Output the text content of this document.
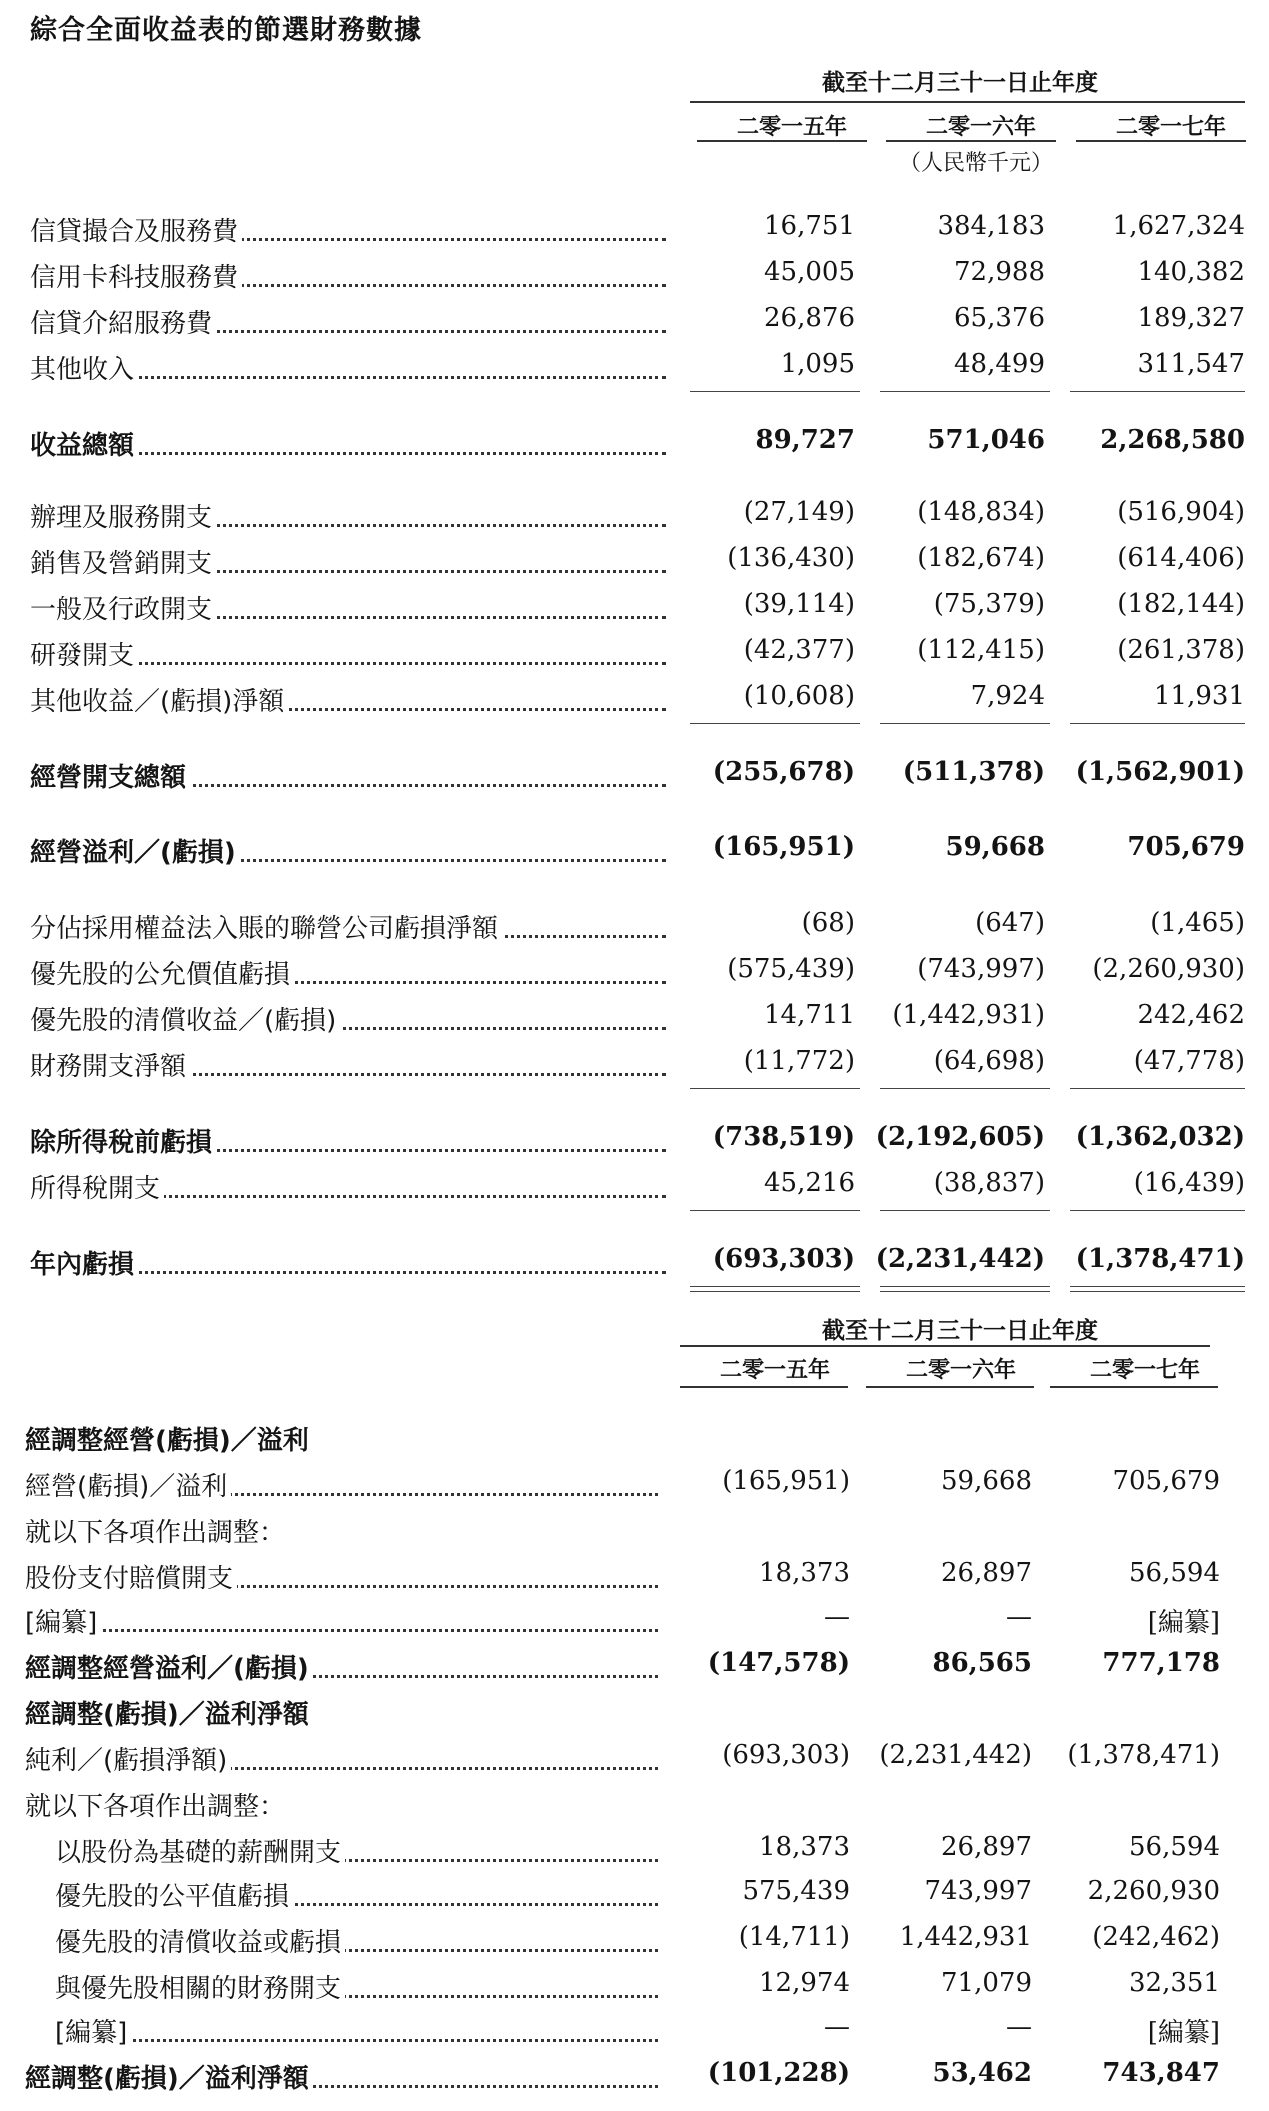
綜合全面收益表的節選財務數據
截至十二月三十一日止年度
二零一五年	二零一六年	二零一七年
（人民幣千元）
信貸撮合及服務費	16,751	384,183	1,627,324
信用卡科技服務費	45,005	72,988	140,382
信貸介紹服務費	26,876	65,376	189,327
其他收入	1,095	48,499	311,547
收益總額	89,727	571,046	2,268,580
辦理及服務開支	(27,149)	(148,834)	(516,904)
銷售及營銷開支	(136,430)	(182,674)	(614,406)
一般及行政開支	(39,114)	(75,379)	(182,144)
研發開支	(42,377)	(112,415)	(261,378)
其他收益／(虧損)淨額	(10,608)	7,924	11,931
經營開支總額	(255,678)	(511,378)	(1,562,901)
經營溢利／(虧損)	(165,951)	59,668	705,679
分佔採用權益法入賬的聯營公司虧損淨額	(68)	(647)	(1,465)
優先股的公允價值虧損	(575,439)	(743,997)	(2,260,930)
優先股的清償收益／(虧損)	14,711	(1,442,931)	242,462
財務開支淨額	(11,772)	(64,698)	(47,778)
除所得稅前虧損	(738,519) (2,192,605)	(1,362,032)
所得稅開支	45,216	(38,837)	(16,439)
年內虧損	(693,303) (2,231,442)	(1,378,471)
截至十二月三十一日止年度
二零一五年	二零一六年	二零一七年
經調整經營(虧損)／溢利
經營(虧損)／溢利	(165,951)	59,668	705,679
就以下各項作出調整：
股份支付賠償開支	18,373	26,897	56,594
[編纂]	—	—	[編纂]
經調整經營溢利／(虧損)	(147,578)	86,565	777,178
經調整(虧損)／溢利淨額
純利／(虧損淨額)	(693,303)	(2,231,442)	(1,378,471)
就以下各項作出調整：
以股份為基礎的薪酬開支	18,373	26,897	56,594
優先股的公平值虧損	575,439	743,997	2,260,930
優先股的清償收益或虧損	(14,711)	1,442,931	(242,462)
與優先股相關的財務開支	12,974	71,079	32,351
[編纂]	—	—	[編纂]
經調整(虧損)／溢利淨額	(101,228)	53,462	743,847
